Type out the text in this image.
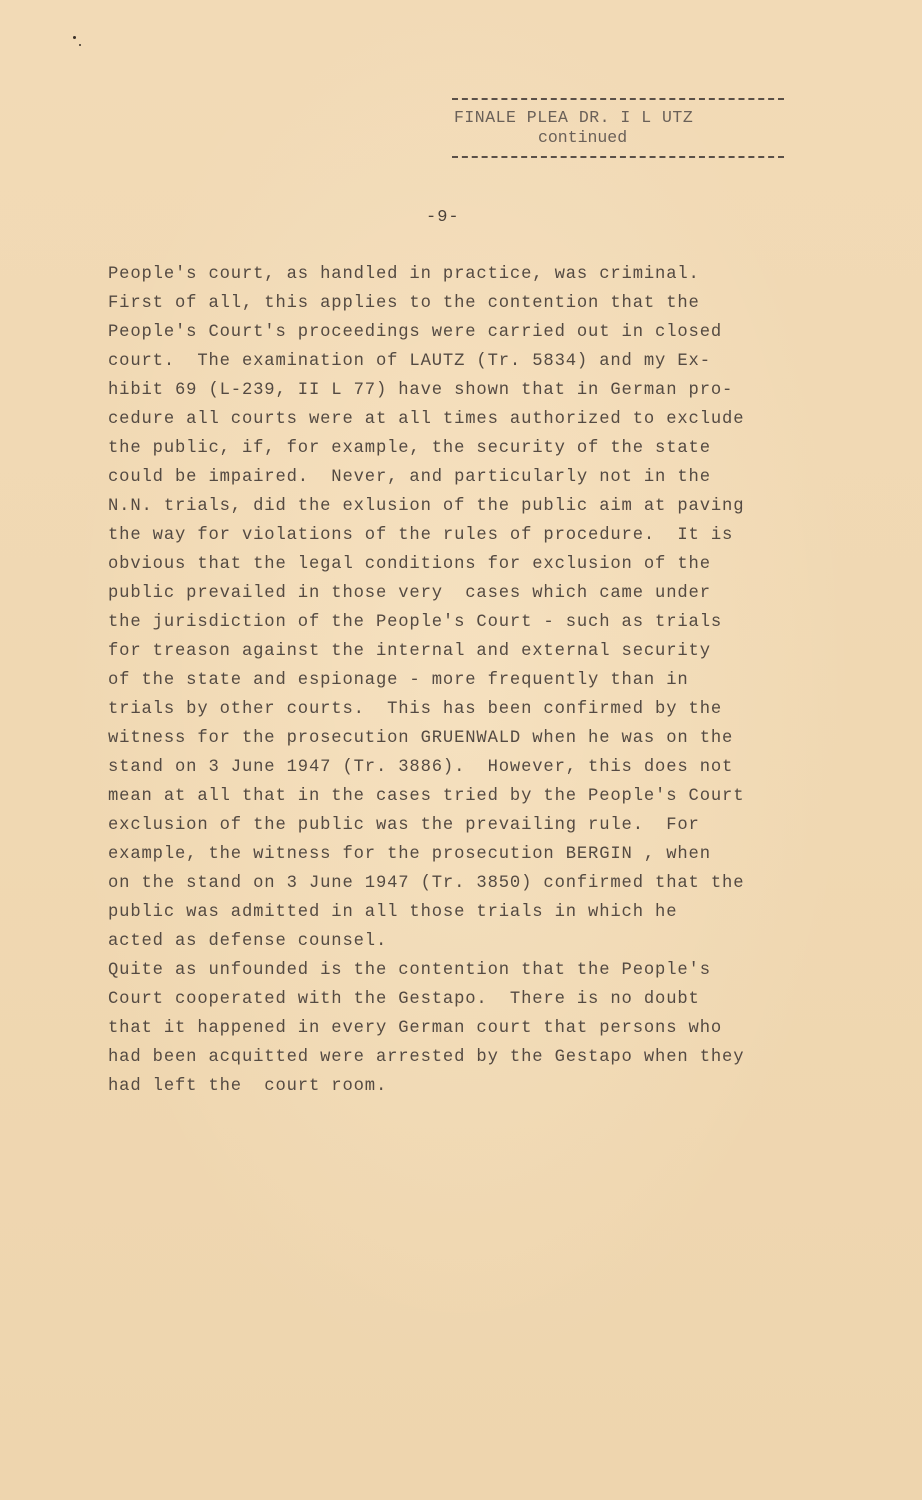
FINALE PLEA DR. I L UTZ
continued
-9-

People's court, as handled in practice, was criminal.

First of all, this applies to the contention that the

People's Court's proceedings were carried out in closed

court.  The examination of LAUTZ (Tr. 5834) and my Ex-

hibit 69 (L-239, II L 77) have shown that in German pro-

cedure all courts were at all times authorized to exclude

the public, if, for example, the security of the state

could be impaired.  Never, and particularly not in the

N.N. trials, did the exlusion of the public aim at paving

the way for violations of the rules of procedure.  It is

obvious that the legal conditions for exclusion of the

public prevailed in those very  cases which came under

the jurisdiction of the People's Court - such as trials

for treason against the internal and external security

of the state and espionage - more frequently than in

trials by other courts.  This has been confirmed by the

witness for the prosecution GRUENWALD when he was on the

stand on 3 June 1947 (Tr. 3886).  However, this does not

mean at all that in the cases tried by the People's Court

exclusion of the public was the prevailing rule.  For

example, the witness for the prosecution BERGIN , when

on the stand on 3 June 1947 (Tr. 3850) confirmed that the

public was admitted in all those trials in which he

acted as defense counsel.

Quite as unfounded is the contention that the People's

Court cooperated with the Gestapo.  There is no doubt

that it happened in every German court that persons who

had been acquitted were arrested by the Gestapo when they

had left the  court room.
